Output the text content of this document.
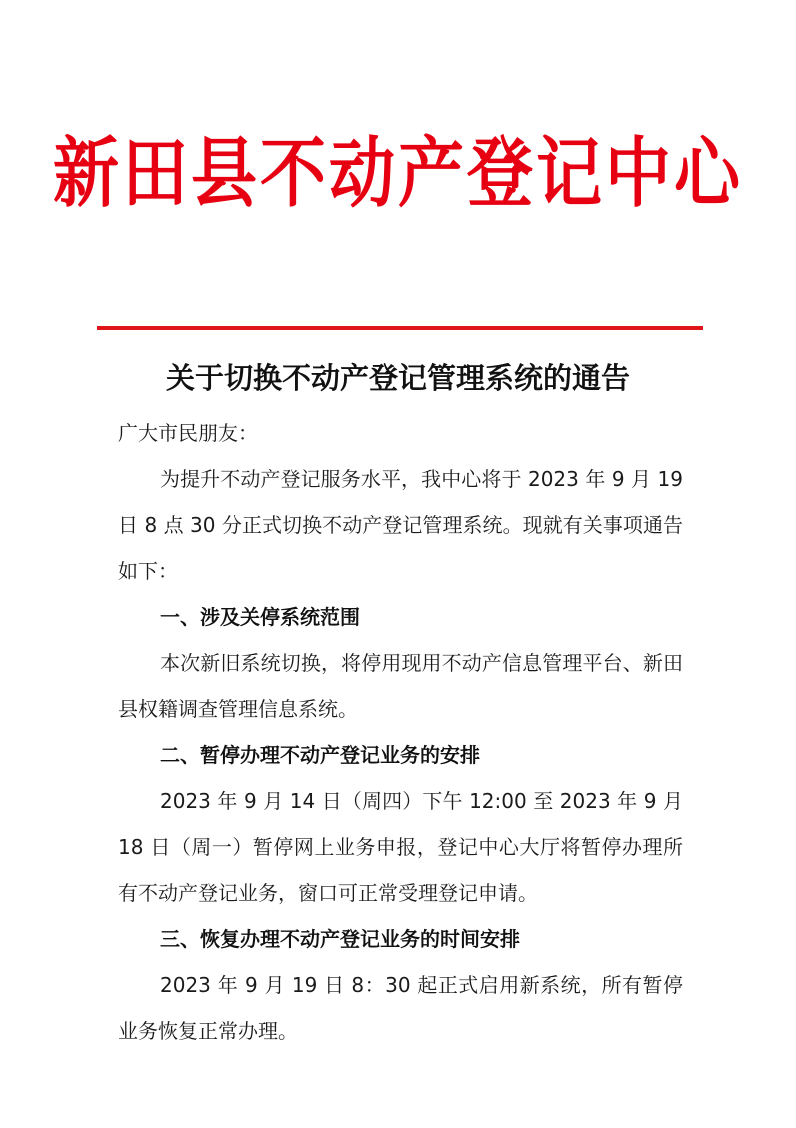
新田县不动产登记中心
关于切换不动产登记管理系统的通告

广大市民朋友：

为提升不动产登记服务水平，我中心将于 2023 年 9 月 19 日 8 点 30 分正式切换不动产登记管理系统。现就有关事项通告如下：

一、涉及关停系统范围

本次新旧系统切换，将停用现用不动产信息管理平台、新田县权籍调查管理信息系统。

二、暂停办理不动产登记业务的安排

2023 年 9 月 14 日（周四）下午 12:00 至 2023 年 9 月 18 日（周一）暂停网上业务申报，登记中心大厅将暂停办理所有不动产登记业务，窗口可正常受理登记申请。

三、恢复办理不动产登记业务的时间安排

2023 年 9 月 19 日 8：30 起正式启用新系统，所有暂停业务恢复正常办理。
